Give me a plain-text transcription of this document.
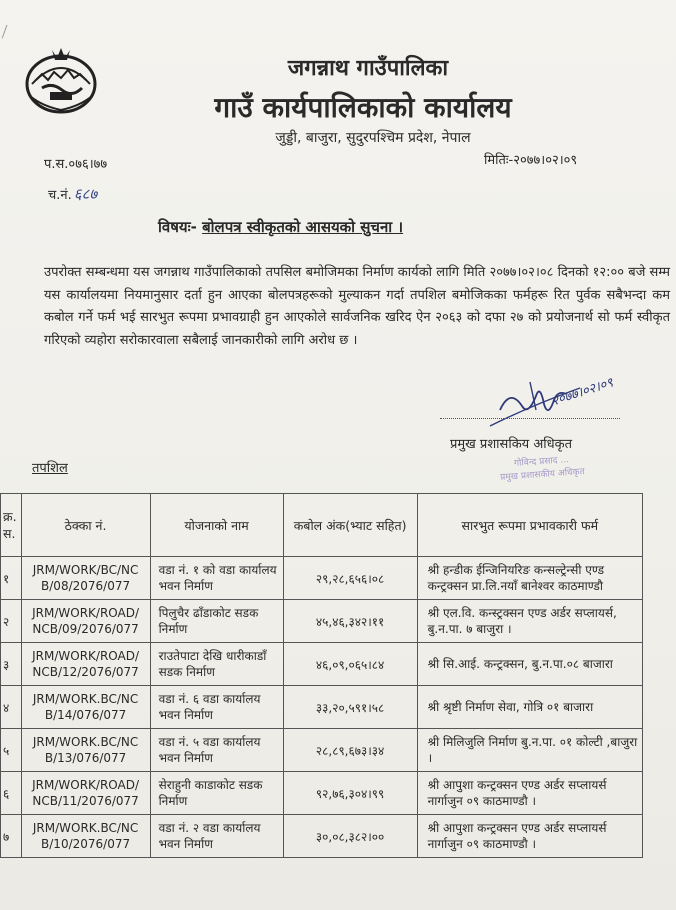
जगन्नाथ गाउँपालिका
गाउँ कार्यपालिकाको कार्यालय
जुड्डी, बाजुरा, सुदुरपश्चिम प्रदेश, नेपाल
प.स.०७६।७७	मितिः-२०७७।०२।०९
च.नं. ६८७
विषयः- बोलपत्र स्वीकृतको आसयको सुचना ।
उपरोक्त सम्बन्धमा यस जगन्नाथ गाउँपालिकाको तपसिल बमोजिमका निर्माण कार्यको लागि मिति २०७७।०२।०८ दिनको १२:०० बजे सम्म यस कार्यालयमा नियमानुसार दर्ता हुन आएका बोलपत्रहरूको मुल्याकन गर्दा तपशिल बमोजिकका फर्महरू रित पुर्वक सबैभन्दा कम कबोल गर्ने फर्म भई सारभुत रूपमा प्रभावग्राही हुन आएकोले सार्वजनिक खरिद ऐन २०६३ को दफा २७ को प्रयोजनार्थ सो फर्म स्वीकृत गरिएको व्यहोरा सरोकारवाला सबैलाई जानकारीको लागि अरोध छ ।
२०७७।०२।०९
प्रमुख प्रशासकिय अधिकृत
गोविन्द प्रसाद ...
प्रमुख प्रशासकीय अधिकृत
तपशिल
क्र. स.	ठेक्का नं.	योजनाको नाम	कबोल अंक(भ्याट सहित)	सारभुत रूपमा प्रभावकारी फर्म
१	JRM/WORK/BC/NC B/08/2076/077	वडा नं. १ को वडा कार्यालय भवन निर्माण	२९,२८,६५६।०८	श्री हन्डीक ईन्जिनियरिङ कन्सल्ट्रेन्सी एण्ड कन्ट्रक्सन प्रा.लि.नयाँ बानेश्वर काठमाण्डौ
२	JRM/WORK/ROAD/ NCB/09/2076/077	पिलुचैर ढाँडाकोट सडक निर्माण	४५,४६,३४२।११	श्री एल.वि. कन्स्ट्रक्सन एण्ड अर्डर सप्लायर्स, बु.न.पा. ७ बाजुरा ।
३	JRM/WORK/ROAD/ NCB/12/2076/077	राउतेपाटा देखि धारीकाडाँ सडक निर्माण	४६,०९,०६५।८४	श्री सि.आई. कन्ट्रक्सन, बु.न.पा.०८ बाजारा
४	JRM/WORK.BC/NC B/14/076/077	वडा नं. ६ वडा कार्यालय भवन निर्माण	३३,२०,५९१।५८	श्री श्रृष्टी निर्माण सेवा, गोत्रि ०१ बाजारा
५	JRM/WORK.BC/NC B/13/076/077	वडा नं. ५ वडा कार्यालय भवन निर्माण	२८,८९,६७३।३४	श्री मिलिजुलि निर्माण बु.न.पा. ०१ कोल्टी ,बाजुरा ।
६	JRM/WORK/ROAD/ NCB/11/2076/077	सेराहुनी काडाकोट सडक निर्माण	९२,७६,३०४।९९	श्री आपुशा कन्ट्रक्सन एण्ड अर्डर सप्लायर्स नार्गाजुन ०९ काठमाण्डौ ।
७	JRM/WORK.BC/NC B/10/2076/077	वडा नं. २ वडा कार्यालय भवन निर्माण	३०,०८,३८२।००	श्री आपुशा कन्ट्रक्सन एण्ड अर्डर सप्लायर्स नार्गाजुन ०९ काठमाण्डौ ।
